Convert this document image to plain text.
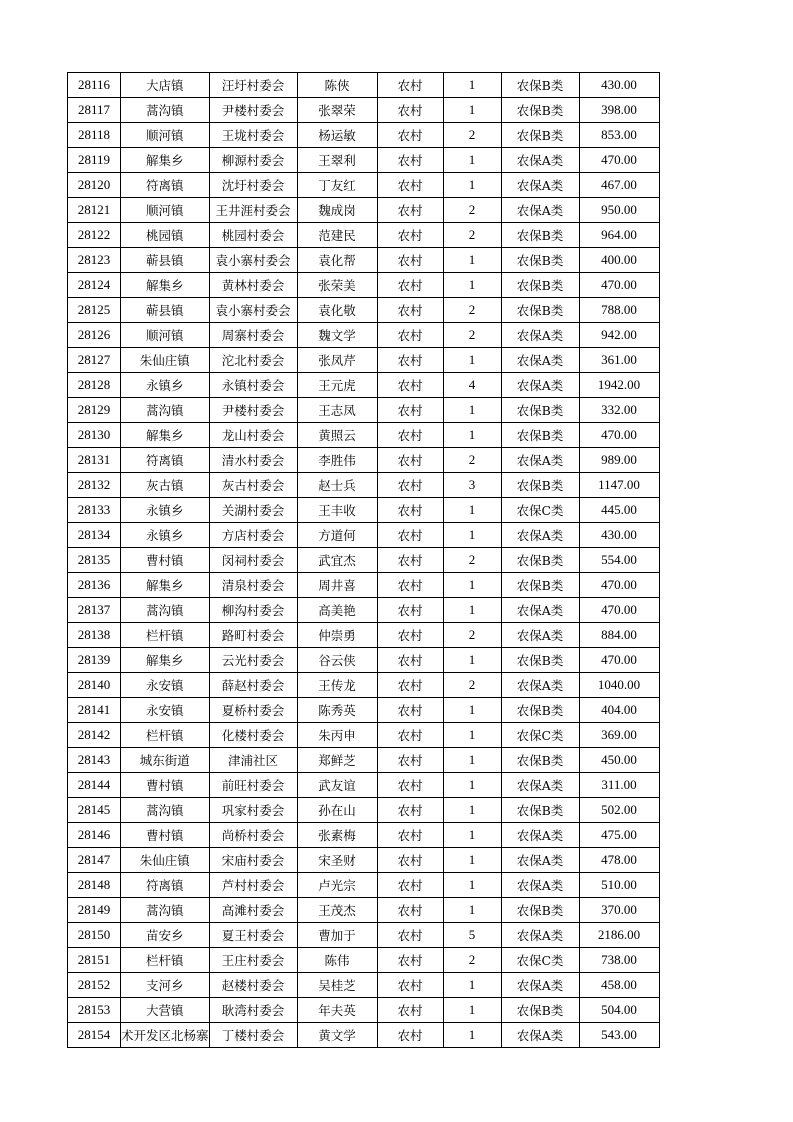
28116	大店镇	汪圩村委会	陈俠	农村	1	农保B类	430.00
28117	蒿沟镇	尹楼村委会	张翠荣	农村	1	农保B类	398.00
28118	顺河镇	王垅村委会	杨运敏	农村	2	农保B类	853.00
28119	解集乡	柳源村委会	王翠利	农村	1	农保A类	470.00
28120	符离镇	沈圩村委会	丁友红	农村	1	农保A类	467.00
28121	顺河镇	王井涯村委会	魏成岗	农村	2	农保A类	950.00
28122	桃园镇	桃园村委会	范建民	农村	2	农保B类	964.00
28123	蕲县镇	袁小寨村委会	袁化帮	农村	1	农保B类	400.00
28124	解集乡	黄林村委会	张荣美	农村	1	农保B类	470.00
28125	蕲县镇	袁小寨村委会	袁化敬	农村	2	农保B类	788.00
28126	顺河镇	周寨村委会	魏文学	农村	2	农保A类	942.00
28127	朱仙庄镇	沱北村委会	张凤芹	农村	1	农保A类	361.00
28128	永镇乡	永镇村委会	王元虎	农村	4	农保A类	1942.00
28129	蒿沟镇	尹楼村委会	王志凤	农村	1	农保B类	332.00
28130	解集乡	龙山村委会	黄照云	农村	1	农保B类	470.00
28131	符离镇	清水村委会	李胜伟	农村	2	农保A类	989.00
28132	灰古镇	灰古村委会	赵士兵	农村	3	农保B类	1147.00
28133	永镇乡	关湖村委会	王丰收	农村	1	农保C类	445.00
28134	永镇乡	方店村委会	方道何	农村	1	农保A类	430.00
28135	曹村镇	闵祠村委会	武宜杰	农村	2	农保B类	554.00
28136	解集乡	清泉村委会	周井喜	农村	1	农保B类	470.00
28137	蒿沟镇	柳沟村委会	高美艳	农村	1	农保A类	470.00
28138	栏杆镇	路町村委会	仲崇勇	农村	2	农保A类	884.00
28139	解集乡	云光村委会	谷云侠	农村	1	农保B类	470.00
28140	永安镇	薛赵村委会	王传龙	农村	2	农保A类	1040.00
28141	永安镇	夏桥村委会	陈秀英	农村	1	农保B类	404.00
28142	栏杆镇	化楼村委会	朱丙申	农村	1	农保C类	369.00
28143	城东街道	津浦社区	郑鲜芝	农村	1	农保B类	450.00
28144	曹村镇	前旺村委会	武友谊	农村	1	农保A类	311.00
28145	蒿沟镇	巩家村委会	孙在山	农村	1	农保B类	502.00
28146	曹村镇	尚桥村委会	张素梅	农村	1	农保A类	475.00
28147	朱仙庄镇	宋庙村委会	宋圣财	农村	1	农保A类	478.00
28148	符离镇	芦村村委会	卢光宗	农村	1	农保A类	510.00
28149	蒿沟镇	高滩村委会	王茂杰	农村	1	农保B类	370.00
28150	苗安乡	夏王村委会	曹加于	农村	5	农保A类	2186.00
28151	栏杆镇	王庄村委会	陈伟	农村	2	农保C类	738.00
28152	支河乡	赵楼村委会	吴桂芝	农村	1	农保A类	458.00
28153	大营镇	耿湾村委会	年夫英	农村	1	农保B类	504.00
28154	术开发区北杨寨	丁楼村委会	黄文学	农村	1	农保A类	543.00
